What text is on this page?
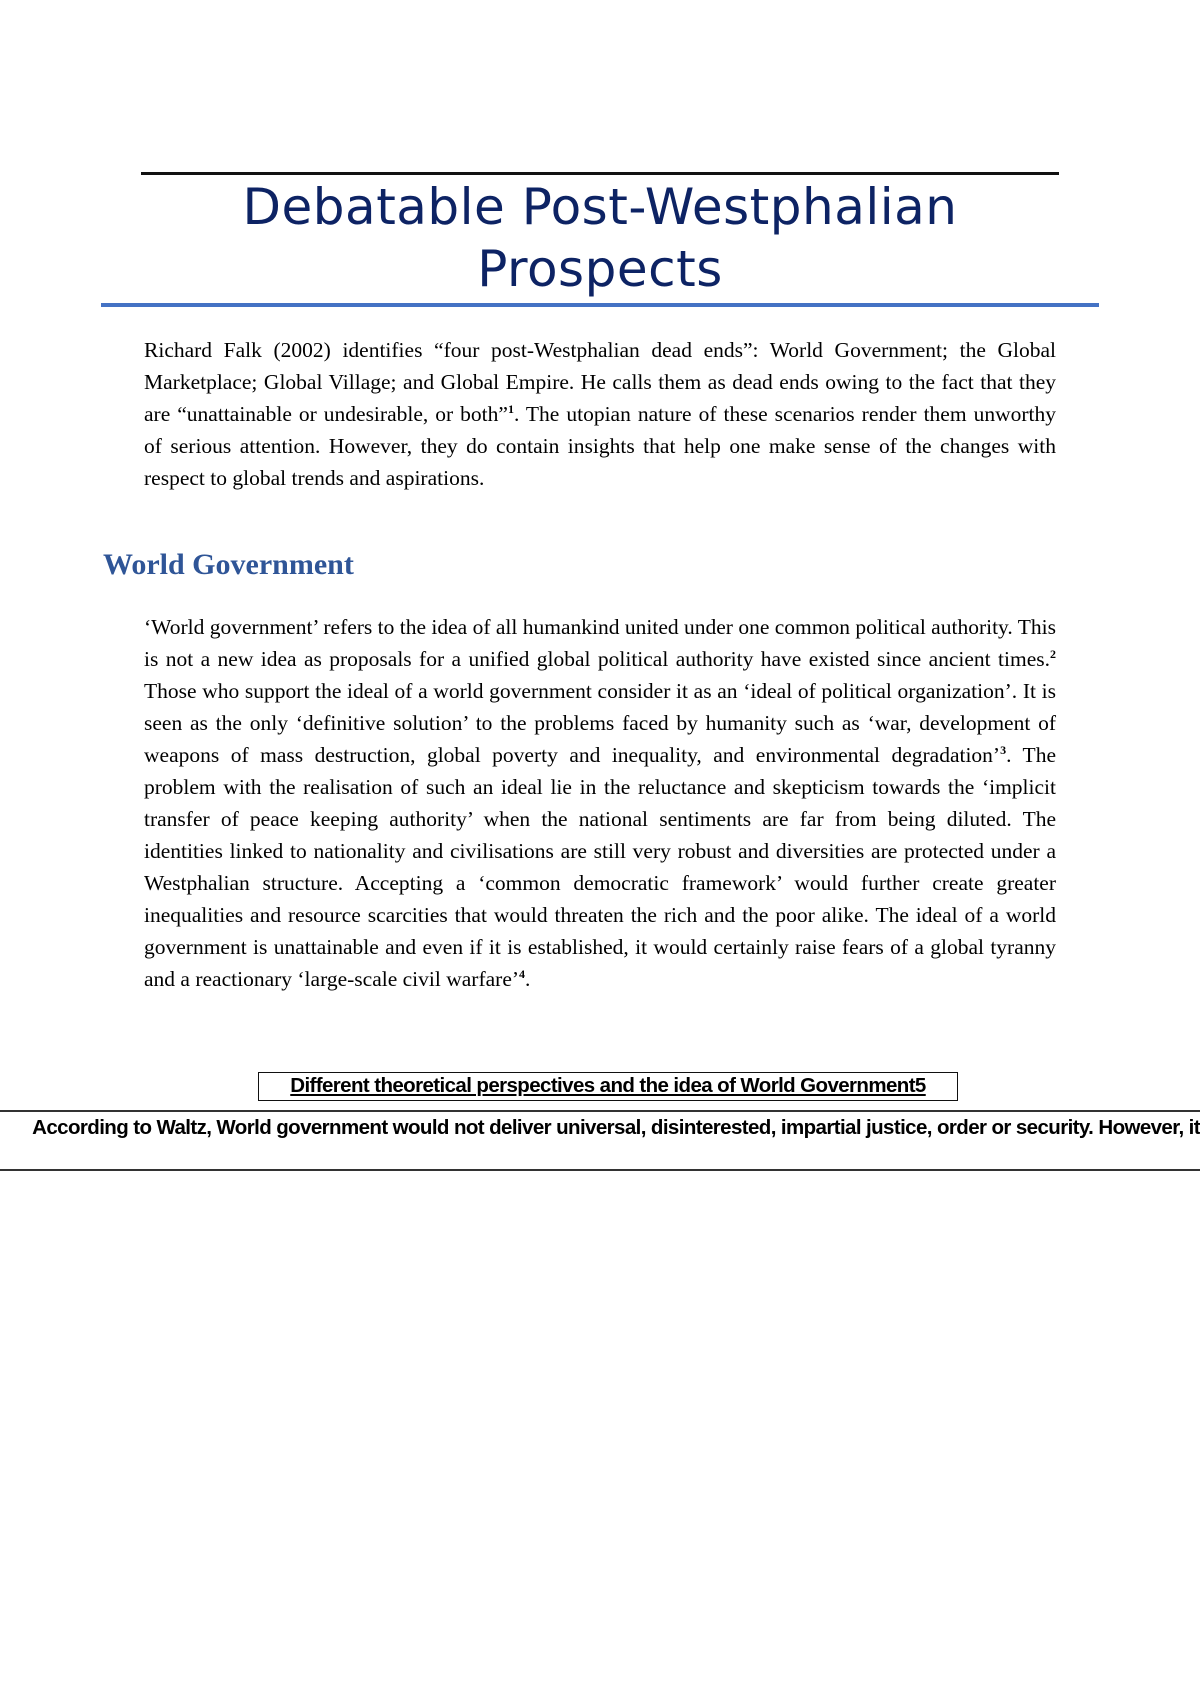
Debatable Post-Westphalian
Prospects

Richard Falk (2002) identifies “four post-Westphalian dead ends”: World Government; the Global Marketplace; Global Village; and Global Empire. He calls them as dead ends owing to the fact that they are “unattainable or undesirable, or both”$^1$. The utopian nature of these scenarios render them unworthy of serious attention. However, they do contain insights that help one make sense of the changes with respect to global trends and aspirations.

World Government

‘World government’ refers to the idea of all humankind united under one common political authority. This is not a new idea as proposals for a unified global political authority have existed since ancient times.$^2$ Those who support the ideal of a world government consider it as an ‘ideal of political organization’. It is seen as the only ‘definitive solution’ to the problems faced by humanity such as ‘war, development of weapons of mass destruction, global poverty and inequality, and environmental degradation’$^3$. The problem with the realisation of such an ideal lie in the reluctance and skepticism towards the ‘implicit transfer of peace keeping authority’ when the national sentiments are far from being diluted. The identities linked to nationality and civilisations are still very robust and diversities are protected under a Westphalian structure. Accepting a ‘common democratic framework’ would further create greater inequalities and resource scarcities that would threaten the rich and the poor alike. The ideal of a world government is unattainable and even if it is established, it would certainly raise fears of a global tyranny and a reactionary ‘large-scale civil warfare’$^4$.

Different theoretical perspectives and the idea of World Government5
According to Waltz, World government would not deliver universal, disinterested, impartial justice, order or security. However, it
